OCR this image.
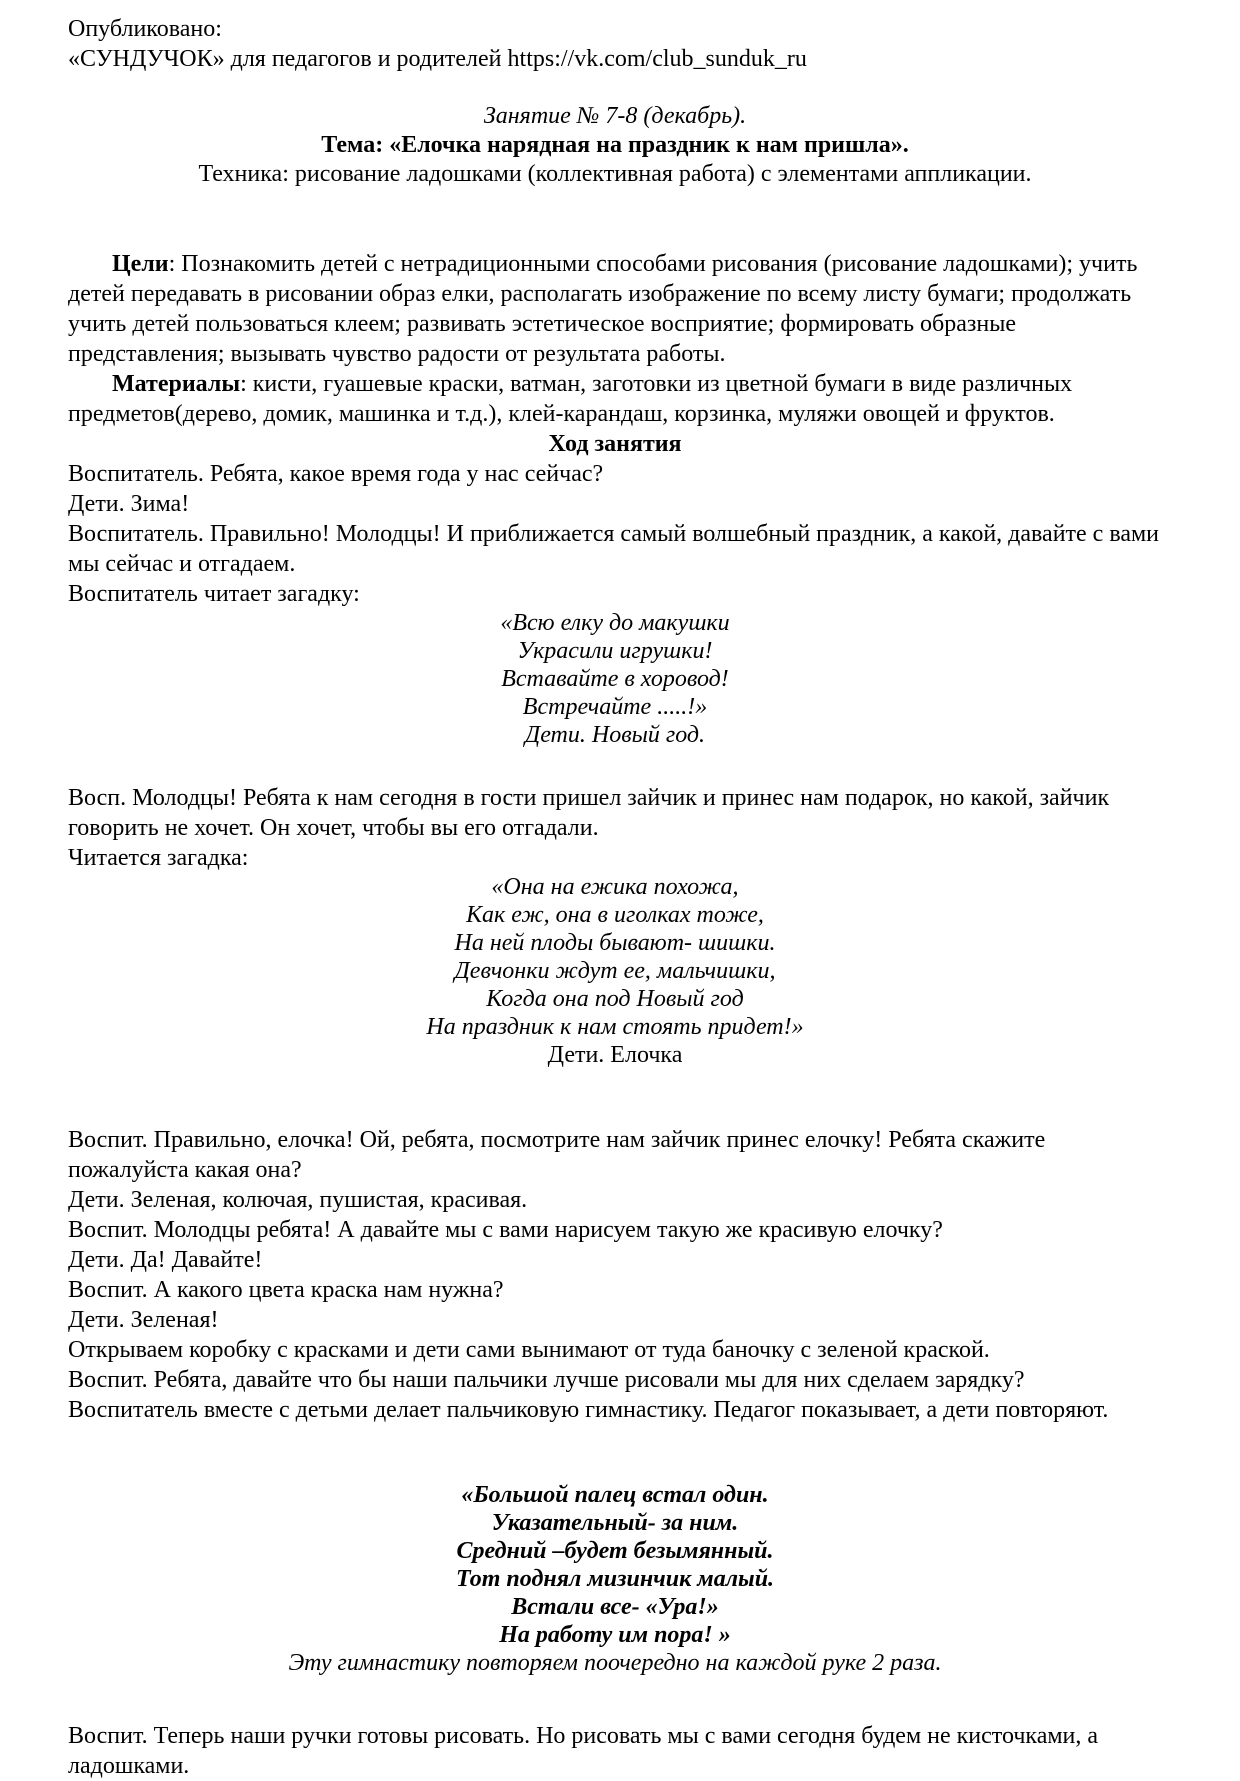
Опубликовано:

«СУНДУЧОК» для педагогов и родителей https://vk.com/club_sunduk_ru

Занятие № 7-8 (декабрь).

Тема: «Елочка нарядная на праздник к нам пришла».

Техника: рисование ладошками (коллективная работа) с элементами аппликации.

Цели: Познакомить детей с нетрадиционными способами рисования (рисование ладошками); учить детей передавать в рисовании образ елки, располагать изображение по всему листу бумаги; продолжать учить детей пользоваться клеем; развивать эстетическое восприятие; формировать образные представления; вызывать чувство радости от результата работы.

Материалы: кисти, гуашевые краски, ватман, заготовки из цветной бумаги в виде различных предметов(дерево, домик, машинка и т.д.), клей-карандаш, корзинка, муляжи овощей и фруктов.

Ход занятия

Воспитатель. Ребята, какое время года у нас сейчас?

Дети. Зима!

Воспитатель. Правильно! Молодцы! И приближается самый волшебный праздник, а какой, давайте с вами мы сейчас и отгадаем.

Воспитатель читает загадку:

«Всю елку до макушки

Украсили игрушки!

Вставайте в хоровод!

Встречайте .....!»

Дети. Новый год.

Восп. Молодцы! Ребята к нам сегодня в гости пришел зайчик и принес нам подарок, но какой, зайчик говорить не хочет. Он хочет, чтобы вы его отгадали.

Читается загадка:

«Она на ежика похожа,

Как еж, она в иголках тоже,

На ней плоды бывают- шишки.

Девчонки ждут ее, мальчишки,

Когда она под Новый год

На праздник к нам стоять придет!»

Дети. Елочка

Воспит. Правильно, елочка! Ой, ребята, посмотрите нам зайчик принес елочку! Ребята скажите пожалуйста какая она?

Дети. Зеленая, колючая, пушистая, красивая.

Воспит. Молодцы ребята! А давайте мы с вами нарисуем такую же красивую елочку?

Дети. Да! Давайте!

Воспит. А какого цвета краска нам нужна?

Дети. Зеленая!

Открываем коробку с красками и дети сами вынимают от туда баночку с зеленой краской.

Воспит. Ребята, давайте что бы наши пальчики лучше рисовали мы для них сделаем зарядку?

Воспитатель вместе с детьми делает пальчиковую гимнастику. Педагог показывает, а дети повторяют.

«Большой палец встал один.

Указательный- за ним.

Средний –будет безымянный.

Тот поднял мизинчик малый.

Встали все- «Ура!»

На работу им пора! »

Эту гимнастику повторяем поочередно на каждой руке 2 раза.

Воспит. Теперь наши ручки готовы рисовать. Но рисовать мы с вами сегодня будем не кисточками, а ладошками.
